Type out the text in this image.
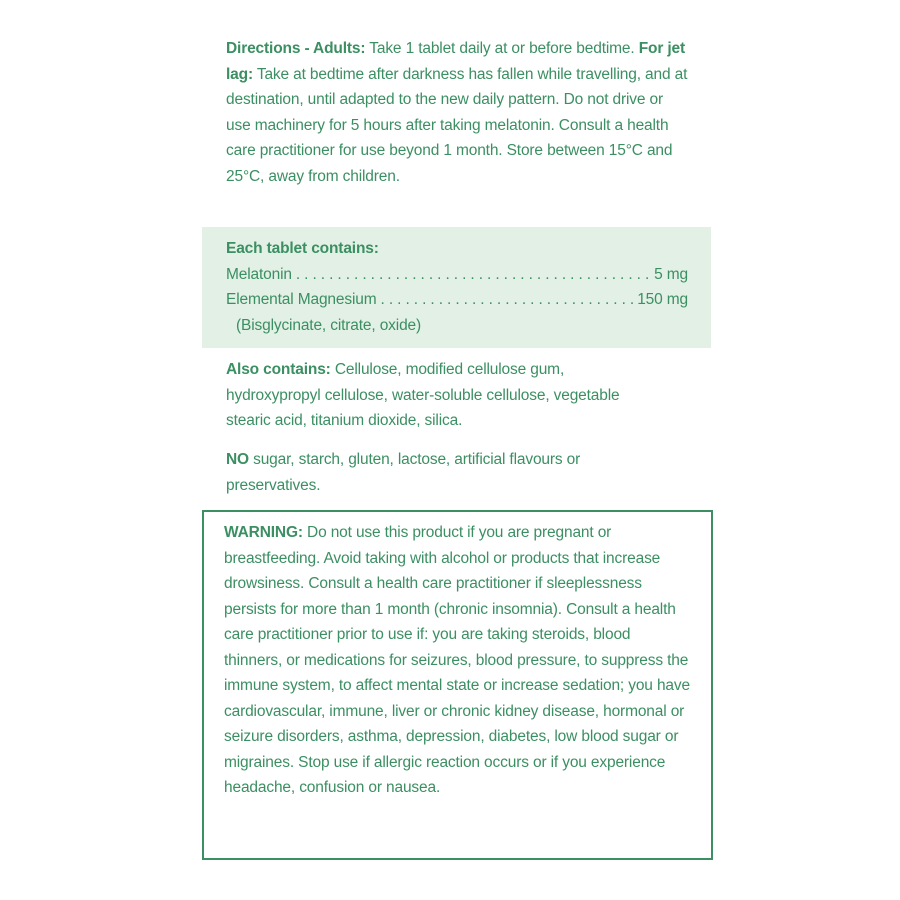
Directions - Adults: Take 1 tablet daily at or before bedtime. For jet lag: Take at bedtime after darkness has fallen while travelling, and at destination, until adapted to the new daily pattern. Do not drive or use machinery for 5 hours after taking melatonin. Consult a health care practitioner for use beyond 1 month. Store between 15°C and 25°C, away from children.
Each tablet contains:
Melatonin . . .	5 mg
Elemental Magnesium . . .	150 mg
(Bisglycinate, citrate, oxide)
Also contains: Cellulose, modified cellulose gum, hydroxypropyl cellulose, water-soluble cellulose, vegetable stearic acid, titanium dioxide, silica.
NO sugar, starch, gluten, lactose, artificial flavours or preservatives.
WARNING: Do not use this product if you are pregnant or breastfeeding. Avoid taking with alcohol or products that increase drowsiness. Consult a health care practitioner if sleeplessness persists for more than 1 month (chronic insomnia). Consult a health care practitioner prior to use if: you are taking steroids, blood thinners, or medications for seizures, blood pressure, to suppress the immune system, to affect mental state or increase sedation; you have cardiovascular, immune, liver or chronic kidney disease, hormonal or seizure disorders, asthma, depression, diabetes, low blood sugar or migraines. Stop use if allergic reaction occurs or if you experience headache, confusion or nausea.
